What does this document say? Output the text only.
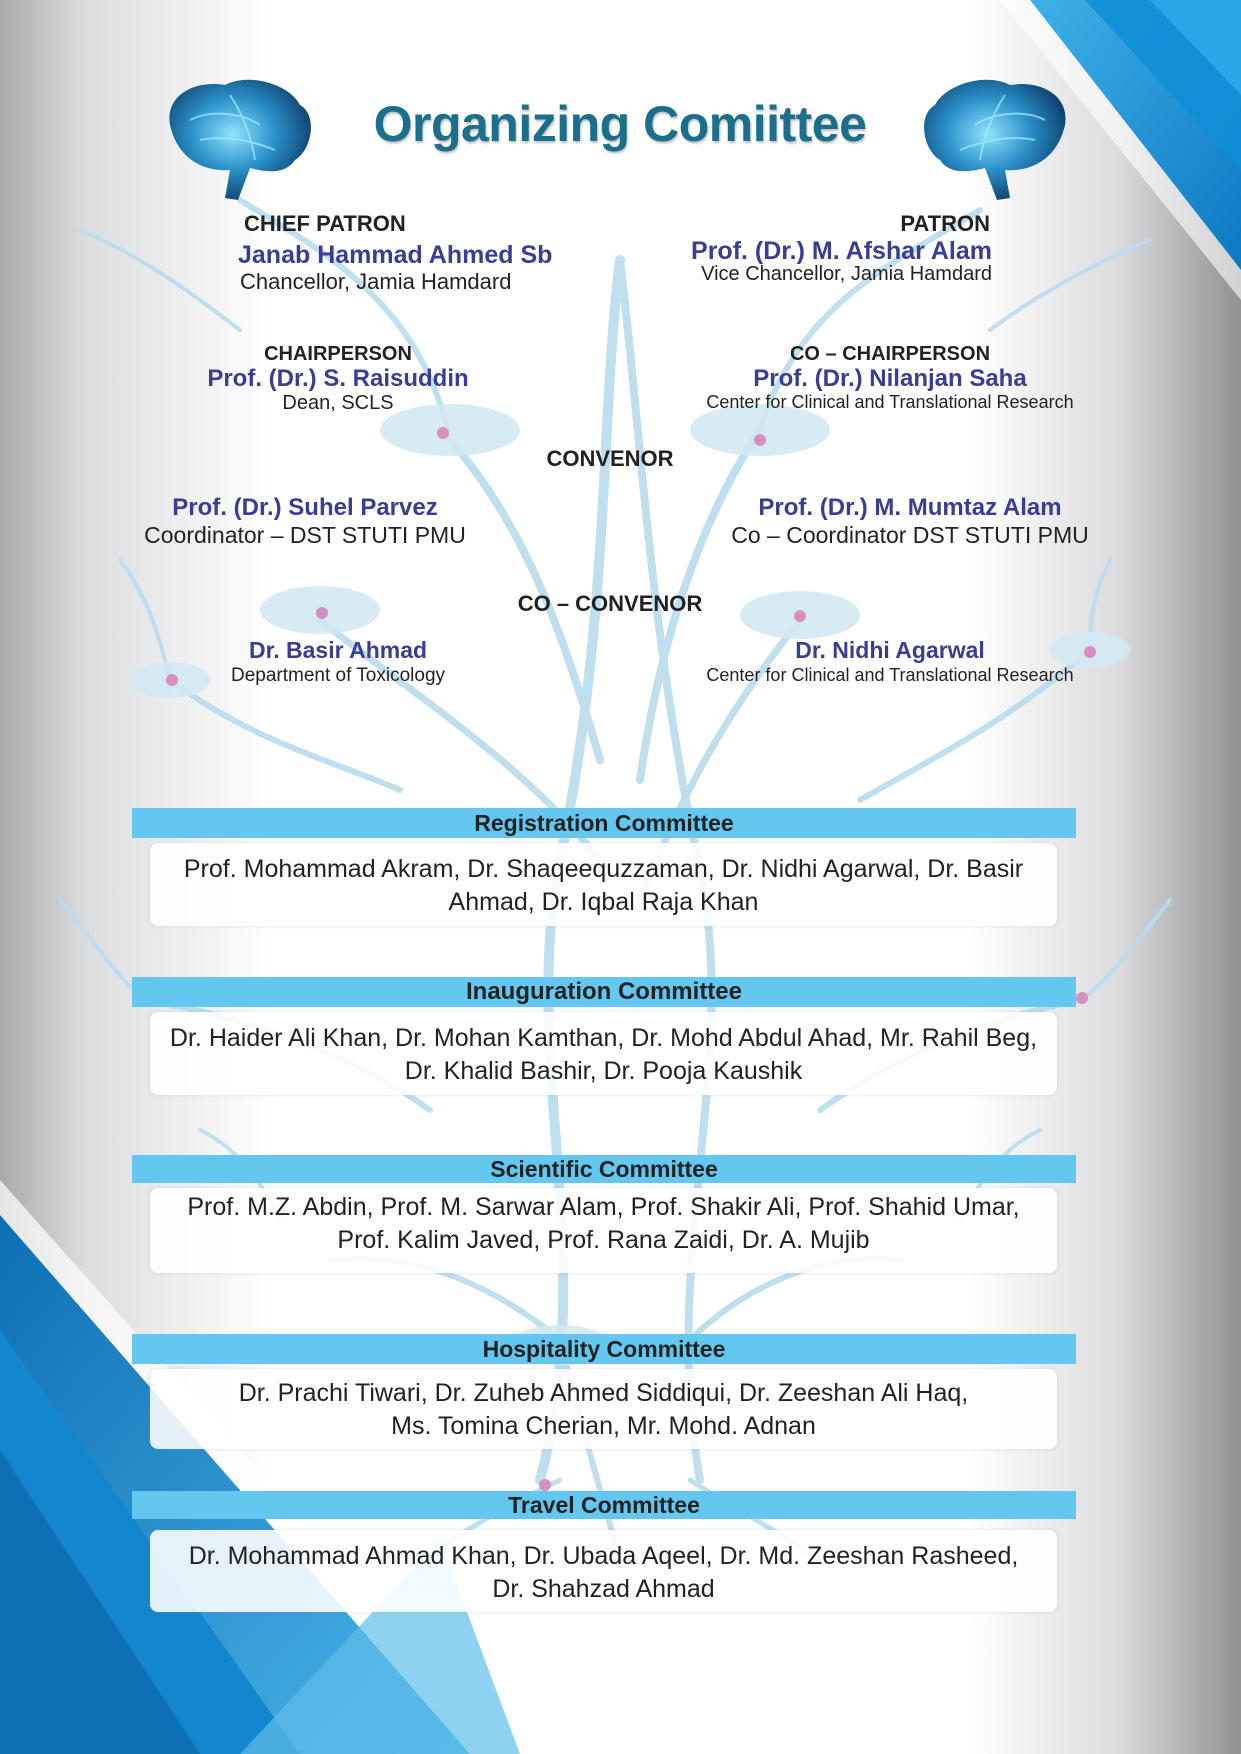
Organizing Comiittee
CHIEF PATRON
Janab Hammad Ahmed Sb
Chancellor, Jamia Hamdard
PATRON
Prof. (Dr.) M. Afshar Alam
Vice Chancellor, Jamia Hamdard
CHAIRPERSON
Prof. (Dr.) S. Raisuddin
Dean, SCLS
CO – CHAIRPERSON
Prof. (Dr.) Nilanjan Saha
Center for Clinical and Translational Research
CONVENOR
Prof. (Dr.) Suhel Parvez
Coordinator – DST STUTI PMU
Prof. (Dr.) M. Mumtaz Alam
Co – Coordinator DST STUTI PMU
CO – CONVENOR
Dr. Basir Ahmad
Department of Toxicology
Dr. Nidhi Agarwal
Center for Clinical and Translational Research
Registration Committee
Prof. Mohammad Akram, Dr. Shaqeequzzaman, Dr. Nidhi Agarwal, Dr. Basir
Ahmad, Dr. Iqbal Raja Khan
Inauguration Committee
Dr. Haider Ali Khan, Dr. Mohan Kamthan, Dr. Mohd Abdul Ahad, Mr. Rahil Beg,
Dr. Khalid Bashir, Dr. Pooja Kaushik
Scientific Committee
Prof. M.Z. Abdin, Prof. M. Sarwar Alam, Prof. Shakir Ali, Prof. Shahid Umar,
Prof. Kalim Javed, Prof. Rana Zaidi, Dr. A. Mujib
Hospitality Committee
Dr. Prachi Tiwari, Dr. Zuheb Ahmed Siddiqui, Dr. Zeeshan Ali Haq,
Ms. Tomina Cherian, Mr. Mohd. Adnan
Travel Committee
Dr. Mohammad Ahmad Khan, Dr. Ubada Aqeel, Dr. Md. Zeeshan Rasheed,
Dr. Shahzad Ahmad
